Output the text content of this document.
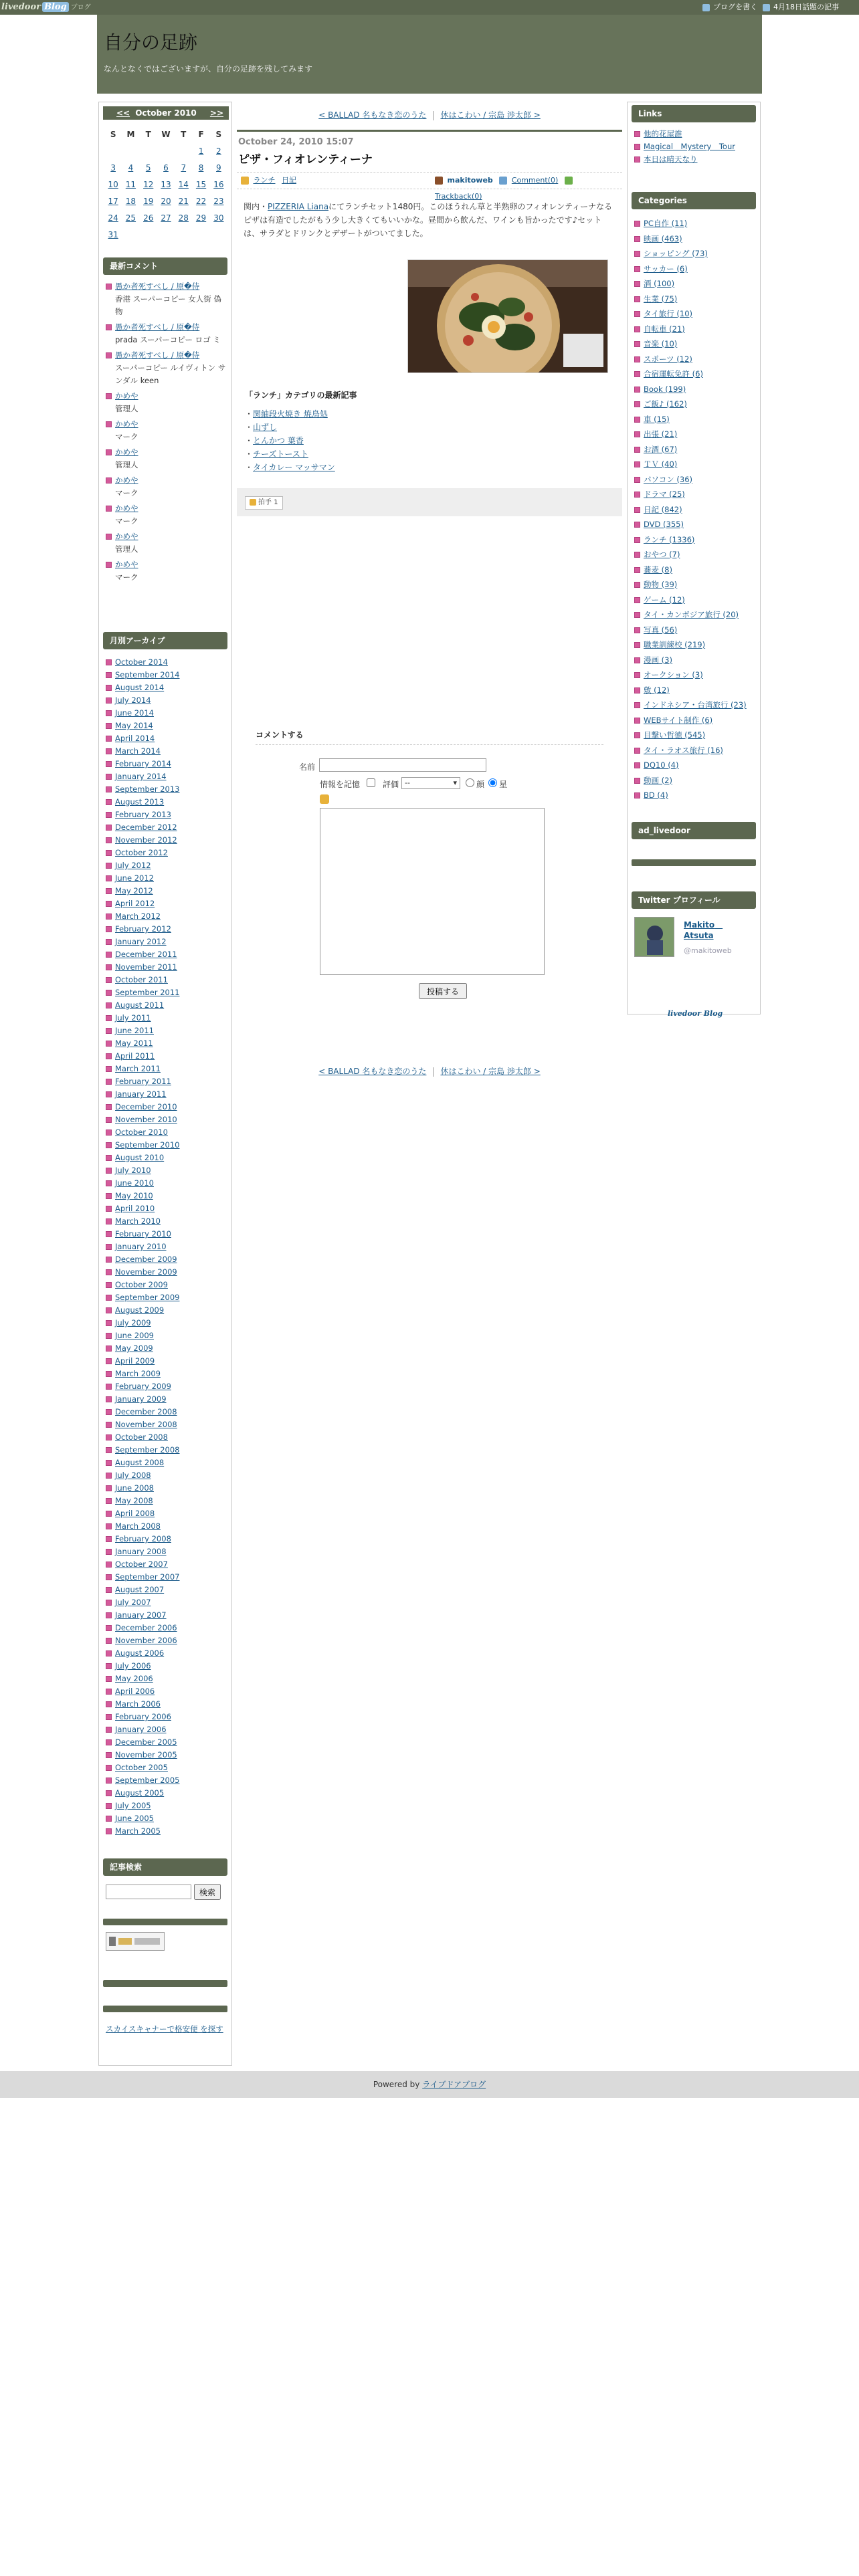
livedoor Blog ブログ	ブログを書く	4月18日話題の記事
自分の足跡
なんとなくではございますが、自分の足跡を残してみます
<< October 2010 >>
S	M	T	W	T	F	S
					1	2
3	4	5	6	7	8	9
10	11	12	13	14	15	16
17	18	19	20	21	22	23
24	25	26	27	28	29	30
31						
最新コメント
愚か者死すべし / 原�侍
香港 スーパーコピー 女人街 偽物
愚か者死すべし / 原�侍
prada スーパーコピー ロゴ ミ
愚か者死すべし / 原�侍
スーパーコピー ルイヴィトン サンダル keen
かめや
管理人
かめや
マーク
かめや
管理人
かめや
マーク
かめや
マーク
かめや
管理人
かめや
マーク
月別アーカイブ
October 2014
September 2014
August 2014
July 2014
June 2014
May 2014
April 2014
March 2014
February 2014
January 2014
September 2013
August 2013
February 2013
December 2012
November 2012
October 2012
July 2012
June 2012
May 2012
April 2012
March 2012
February 2012
January 2012
December 2011
November 2011
October 2011
September 2011
August 2011
July 2011
June 2011
May 2011
April 2011
March 2011
February 2011
January 2011
December 2010
November 2010
October 2010
September 2010
August 2010
July 2010
June 2010
May 2010
April 2010
March 2010
February 2010
January 2010
December 2009
November 2009
October 2009
September 2009
August 2009
July 2009
June 2009
May 2009
April 2009
March 2009
February 2009
January 2009
December 2008
November 2008
October 2008
September 2008
August 2008
July 2008
June 2008
May 2008
April 2008
March 2008
February 2008
January 2008
October 2007
September 2007
August 2007
July 2007
January 2007
December 2006
November 2006
August 2006
July 2006
May 2006
April 2006
March 2006
February 2006
January 2006
December 2005
November 2005
October 2005
September 2005
August 2005
July 2005
June 2005
March 2005
記事検索
検索
スカイスキャナーで格安便 を探す
< BALLAD 名もなき恋のうた 休はこわい / 宗島 渉太郎 >
October 24, 2010 15:07
ピザ・フィオレンティーナ
ランチ 日記	makitoweb	Comment(0)  Trackback(0)
関内・PIZZERIA Lianaにてランチセット1480円。このほうれん草と半熟卵のフィオレンティーナなるピザは有造でしたがもう少し大きくてもいいかな。昼間から飲んだ、ワインも旨かったです♪セットは、サラダとドリンクとデザートがついてました。
「ランチ」カテゴリの最新記事
・関紬段火焼き 焼鳥処
・山ずし
・とんかつ 葉香
・チーズトースト
・タイカレー マッサマン
拍手 1
コメントする
名前
情報を記憶	評価 --	▾ 顔 星
投稿する
< BALLAD 名もなき恋のうた 休はこわい / 宗島 渉太郎 >
Links
他的花屋誰
Magical　Mystery　Tour
本日は晴天なり
Categories
PC自作 (11)
映画 (463)
ショッピング (73)
サッカー (6)
酒 (100)
生業 (75)
タイ旅行 (10)
自転車 (21)
音楽 (10)
スポーツ (12)
合宿運転免許 (6)
Book (199)
ご飯♪ (162)
車 (15)
出張 (21)
お酒 (67)
ＴＶ (40)
パソコン (36)
ドラマ (25)
日記 (842)
DVD (355)
ランチ (1336)
おやつ (7)
蕎麦 (8)
動物 (39)
ゲーム (12)
タイ・カンボジア旅行 (20)
写真 (56)
職業訓練校 (219)
漫画 (3)
オークション (3)
敷 (12)
インドネシア・台湾旅行 (23)
WEBサイト制作 (6)
目撃い哲徳 (545)
タイ・ラオス旅行 (16)
DQ10 (4)
動画 (2)
BD (4)
ad_livedoor
Twitter プロフィール
Makito　Atsuta
@makitoweb
livedoor Blog
Powered by ライブドアブログ
